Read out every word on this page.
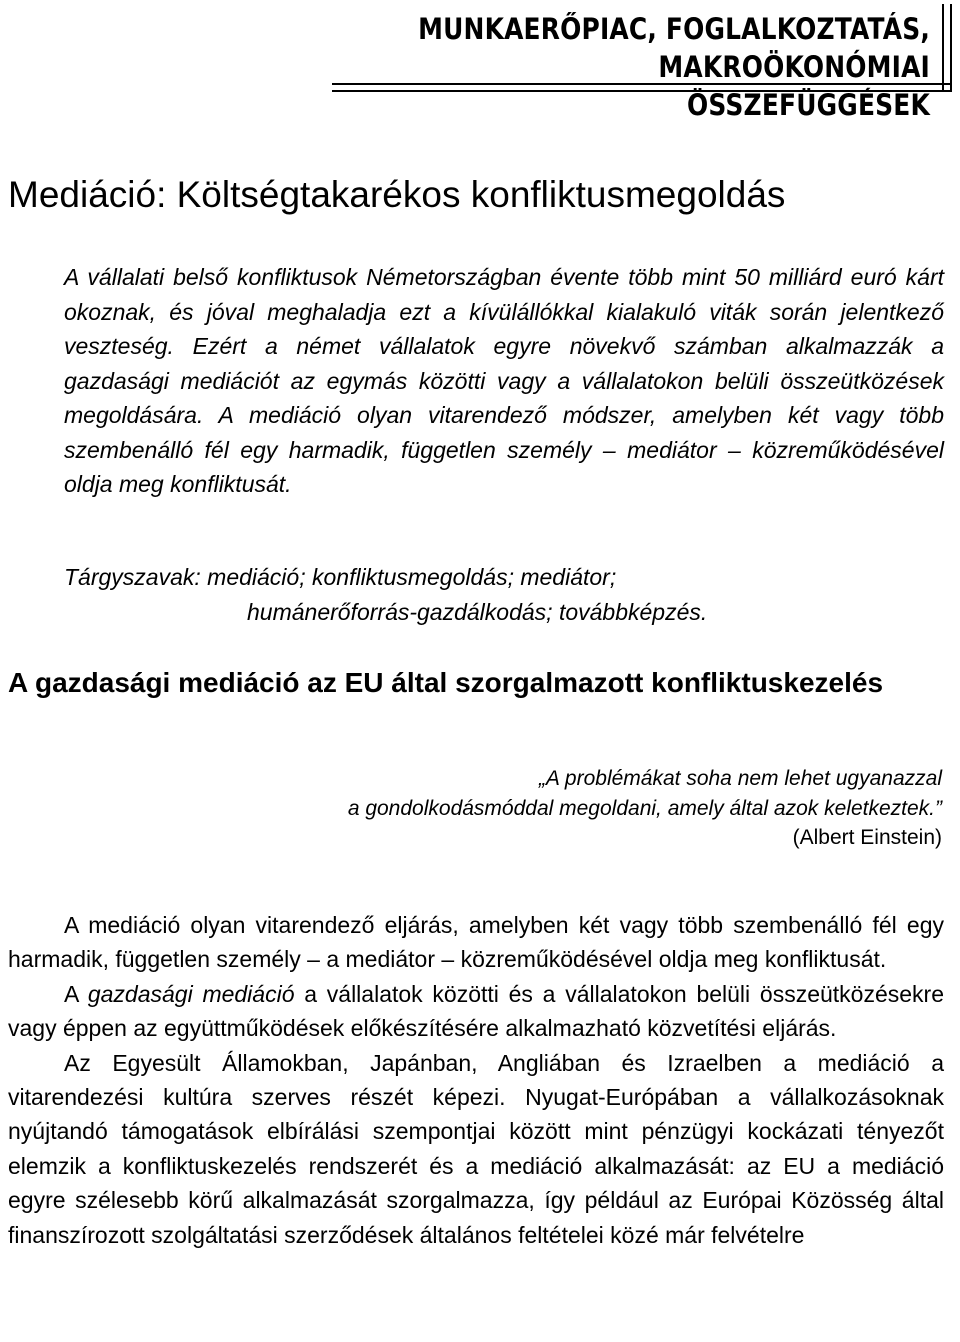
MUNKAERŐPIAC, FOGLALKOZTATÁS,
MAKROÖKONÓMIAI ÖSSZEFÜGGÉSEK
Mediáció: Költségtakarékos konfliktusmegoldás

A vállalati belső konfliktusok Németországban évente több mint 50 milliárd euró kárt okoznak, és jóval meghaladja ezt a kívülállókkal kialakuló viták során jelentkező veszteség. Ezért a német vállalatok egyre növekvő számban alkalmazzák a gazdasági mediációt az egymás közötti vagy a vállalatokon belüli összeütközések megoldására. A mediáció olyan vitarendező módszer, amelyben két vagy több szembenálló fél egy harmadik, független személy – mediátor – közreműködésével oldja meg konfliktusát.

Tárgyszavak: mediáció; konfliktusmegoldás; mediátor;
humánerőforrás-gazdálkodás; továbbképzés.

A gazdasági mediáció az EU által szorgalmazott konfliktuskezelés

„A problémákat soha nem lehet ugyanazzal
a gondolkodásmóddal megoldani, amely által azok keletkeztek.”

(Albert Einstein)

A mediáció olyan vitarendező eljárás, amelyben két vagy több szembenálló fél egy harmadik, független személy – a mediátor – közreműködésével oldja meg konfliktusát.

A gazdasági mediáció a vállalatok közötti és a vállalatokon belüli összeütközésekre vagy éppen az együttműködések előkészítésére alkalmazható közvetítési eljárás.

Az Egyesült Államokban, Japánban, Angliában és Izraelben a mediáció a vitarendezési kultúra szerves részét képezi. Nyugat-Európában a vállalkozásoknak nyújtandó támogatások elbírálási szempontjai között mint pénzügyi kockázati tényezőt elemzik a konfliktuskezelés rendszerét és a mediáció alkalmazását: az EU a mediáció egyre szélesebb körű alkalmazását szorgalmazza, így például az Európai Közösség által finanszírozott szolgáltatási szerződések általános feltételei közé már felvételre
